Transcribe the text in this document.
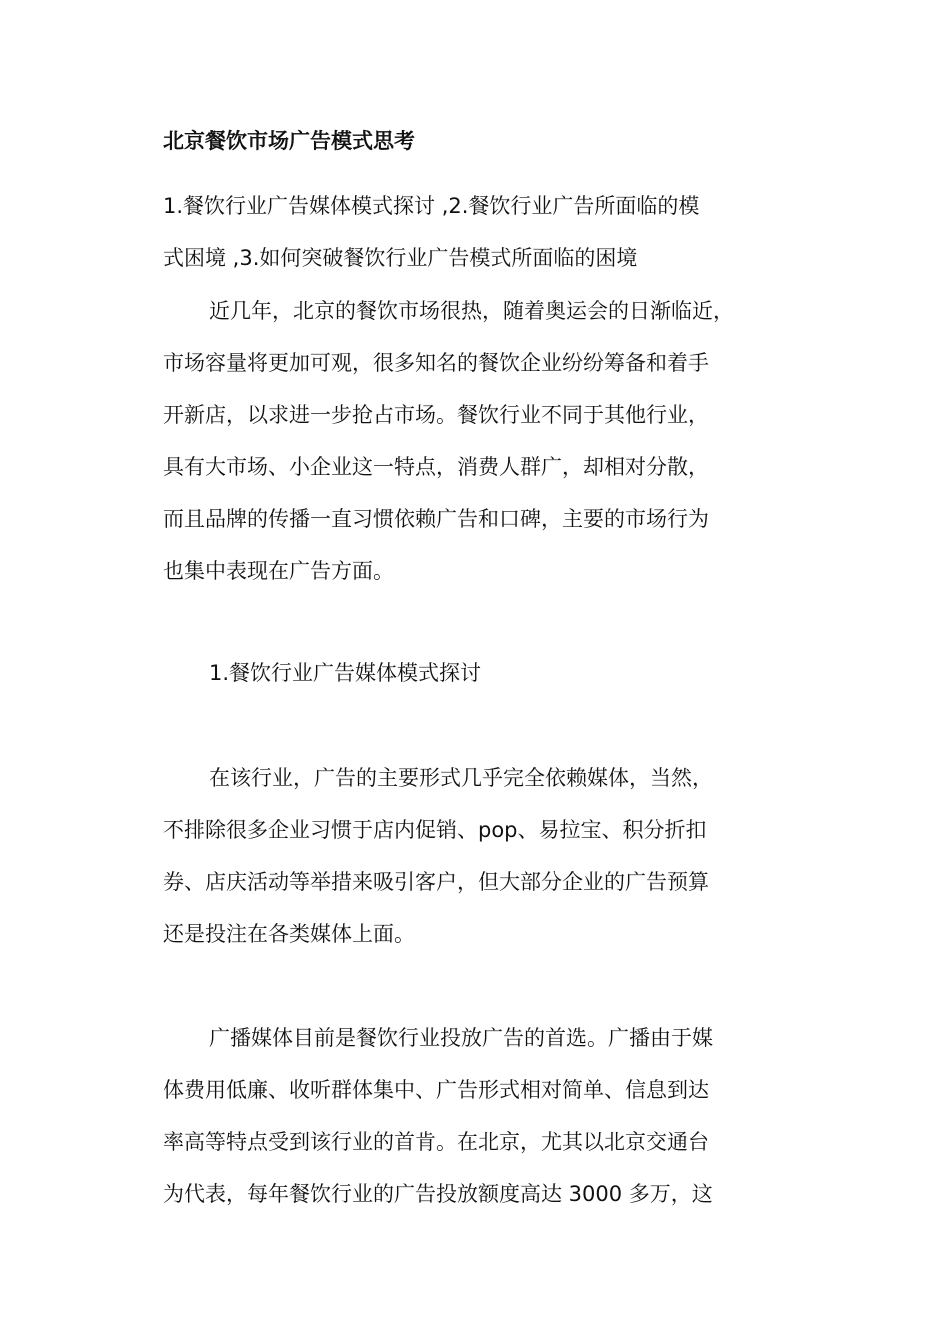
北京餐饮市场广告模式思考
1.餐饮行业广告媒体模式探讨 ,2.餐饮行业广告所面临的模
式困境 ,3.如何突破餐饮行业广告模式所面临的困境
近几年，北京的餐饮市场很热，随着奥运会的日渐临近，
市场容量将更加可观，很多知名的餐饮企业纷纷筹备和着手
开新店，以求进一步抢占市场。餐饮行业不同于其他行业，
具有大市场、小企业这一特点，消费人群广，却相对分散，
而且品牌的传播一直习惯依赖广告和口碑，主要的市场行为
也集中表现在广告方面。
1.餐饮行业广告媒体模式探讨
在该行业，广告的主要形式几乎完全依赖媒体，当然，
不排除很多企业习惯于店内促销、pop、易拉宝、积分折扣
券、店庆活动等举措来吸引客户，但大部分企业的广告预算
还是投注在各类媒体上面。
广播媒体目前是餐饮行业投放广告的首选。广播由于媒
体费用低廉、收听群体集中、广告形式相对简单、信息到达
率高等特点受到该行业的首肯。在北京，尤其以北京交通台
为代表，每年餐饮行业的广告投放额度高达 3000 多万，这
